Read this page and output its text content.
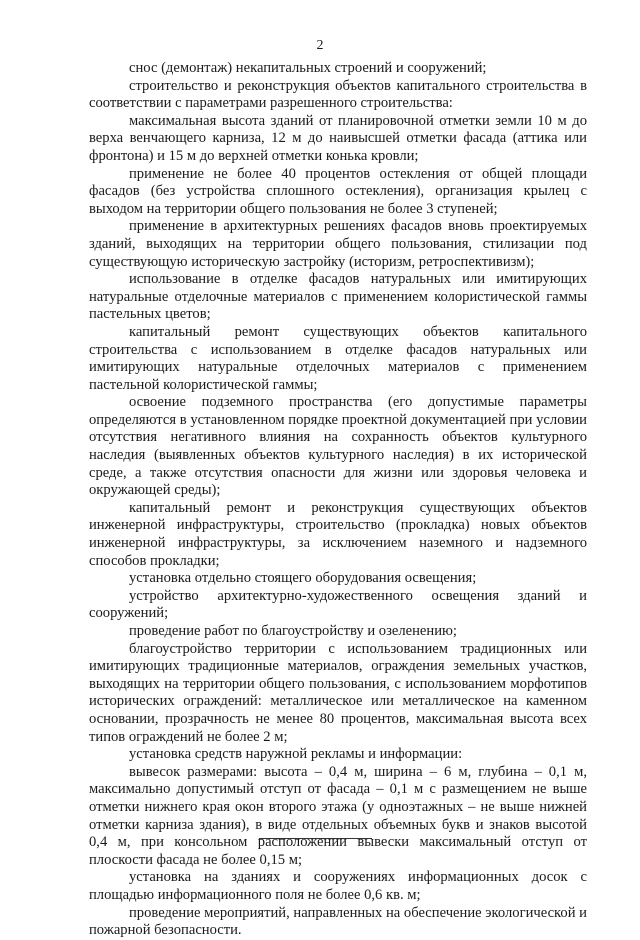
2

снос (демонтаж) некапитальных строений и сооружений;

строительство и реконструкция объектов капитального строительства в соответствии с параметрами разрешенного строительства:

максимальная высота зданий от планировочной отметки земли 10 м до верха венчающего карниза, 12 м до наивысшей отметки фасада (аттика или фронтона) и 15 м до верхней отметки конька кровли;

применение не более 40 процентов остекления от общей площади фасадов (без устройства сплошного остекления), организация крылец с выходом на территории общего пользования не более 3 ступеней;

применение в архитектурных решениях фасадов вновь проектируемых зданий, выходящих на территории общего пользования, стилизации под существующую историческую застройку (историзм, ретроспективизм);

использование в отделке фасадов натуральных или имитирующих натуральные отделочные материалов с применением колористической гаммы пастельных цветов;

капитальный ремонт существующих объектов капитального строительства с использованием в отделке фасадов натуральных или имитирующих натуральные отделочных материалов с применением пастельной колористической гаммы;

освоение подземного пространства (его допустимые параметры определяются в установленном порядке проектной документацией при условии отсутствия негативного влияния на сохранность объектов культурного наследия (выявленных объектов культурного наследия) в их исторической среде, а также отсутствия опасности для жизни или здоровья человека и окружающей среды);

капитальный ремонт и реконструкция существующих объектов инженерной инфраструктуры, строительство (прокладка) новых объектов инженерной инфраструктуры, за исключением наземного и надземного способов прокладки;

установка отдельно стоящего оборудования освещения;

устройство архитектурно-художественного освещения зданий и сооружений;

проведение работ по благоустройству и озеленению;

благоустройство территории с использованием традиционных или имитирующих традиционные материалов, ограждения земельных участков, выходящих на территории общего пользования, с использованием морфотипов исторических ограждений: металлическое или металлическое на каменном основании, прозрачность не менее 80 процентов, максимальная высота всех типов ограждений не более 2 м;

установка средств наружной рекламы и информации:

вывесок размерами: высота – 0,4 м, ширина – 6 м, глубина – 0,1 м, максимально допустимый отступ от фасада – 0,1 м с размещением не выше отметки нижнего края окон второго этажа (у одноэтажных – не выше нижней отметки карниза здания), в виде отдельных объемных букв и знаков высотой 0,4 м, при консольном расположении вывески максимальный отступ от плоскости фасада не более 0,15 м;

установка на зданиях и сооружениях информационных досок с площадью информационного поля не более 0,6 кв. м;

проведение мероприятий, направленных на обеспечение экологической и пожарной безопасности.
